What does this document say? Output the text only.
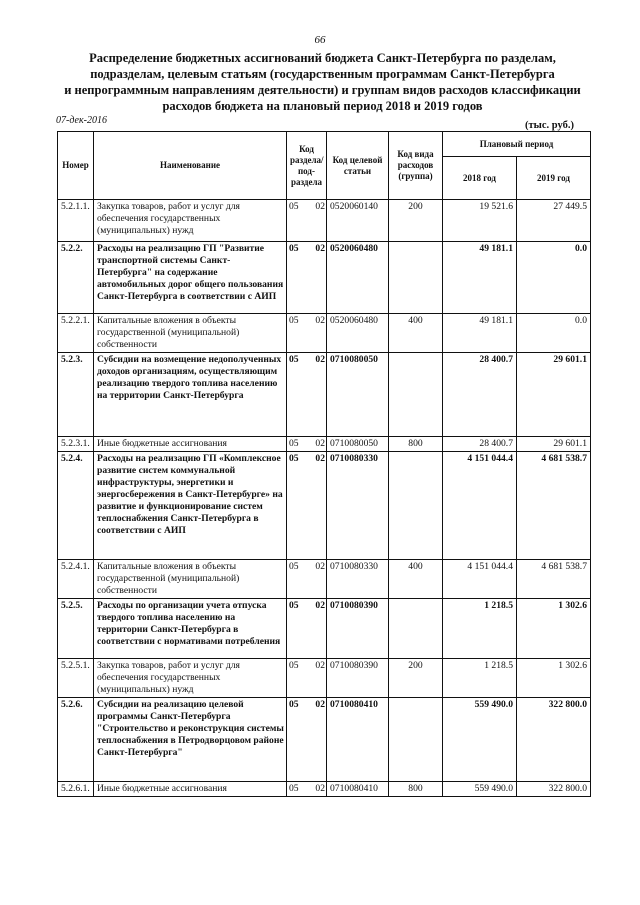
66
Распределение бюджетных ассигнований бюджета Санкт-Петербурга по разделам,
подразделам, целевым статьям (государственным программам Санкт-Петербурга
и непрограммным направлениям деятельности) и группам видов расходов классификации
расходов бюджета на плановый период 2018 и 2019 годов
07-дек-2016	(тыс. руб.)
Номер	Наименование	Код раздела/ под-раздела	Код целевой статьи	Код вида расходов (группа)	Плановый период	
					2018 год	2019 год
5.2.1.1.	Закупка товаров, работ и услуг для обеспечения государственных (муниципальных) нужд	05 02	0520060140	200	19 521.6	27 449.5
5.2.2.	Расходы на реализацию ГП "Развитие транспортной системы Санкт-Петербурга" на содержание автомобильных дорог общего пользования Санкт-Петербурга в соответствии с АИП	05 02	0520060480		49 181.1	0.0
5.2.2.1.	Капитальные вложения в объекты государственной (муниципальной) собственности	05 02	0520060480	400	49 181.1	0.0
5.2.3.	Субсидии на возмещение недополученных доходов организациям, осуществляющим реализацию твердого топлива населению на территории Санкт-Петербурга	05 02	0710080050		28 400.7	29 601.1
5.2.3.1.	Иные бюджетные ассигнования	05 02	0710080050	800	28 400.7	29 601.1
5.2.4.	Расходы на реализацию ГП «Комплексное развитие систем коммунальной инфраструктуры, энергетики и энергосбережения в Санкт-Петербурге» на развитие и функционирование систем теплоснабжения Санкт-Петербурга в соответствии с АИП	05 02	0710080330		4 151 044.4	4 681 538.7
5.2.4.1.	Капитальные вложения в объекты государственной (муниципальной) собственности	05 02	0710080330	400	4 151 044.4	4 681 538.7
5.2.5.	Расходы по организации учета отпуска твердого топлива населению на территории Санкт-Петербурга в соответствии с нормативами потребления	05 02	0710080390		1 218.5	1 302.6
5.2.5.1.	Закупка товаров, работ и услуг для обеспечения государственных (муниципальных) нужд	05 02	0710080390	200	1 218.5	1 302.6
5.2.6.	Субсидии на реализацию целевой программы Санкт-Петербурга "Строительство и реконструкция системы теплоснабжения в Петродворцовом районе Санкт-Петербурга"	05 02	0710080410		559 490.0	322 800.0
5.2.6.1.	Иные бюджетные ассигнования	05 02	0710080410	800	559 490.0	322 800.0
